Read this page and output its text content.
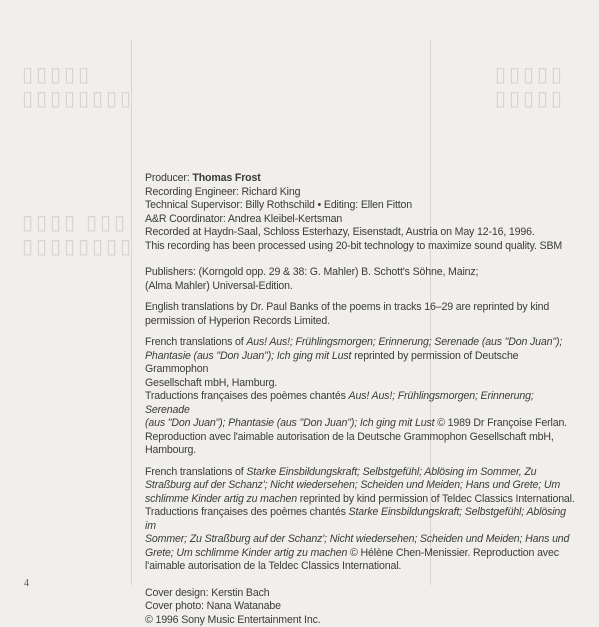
▯▯▯▯▯
▯▯▯▯▯▯▯▯
▯▯▯▯ ▯▯▯
▯▯▯▯▯▯▯▯
▯▯▯▯▯
▯▯▯▯▯

Producer: Thomas Frost

Recording Engineer: Richard King

Technical Supervisor: Billy Rothschild • Editing: Ellen Fitton

A&R Coordinator: Andrea Kleibel-Kertsman

Recorded at Haydn-Saal, Schloss Esterhazy, Eisenstadt, Austria on May 12-16, 1996.

This recording has been processed using 20-bit technology to maximize sound quality. SBM

Publishers: (Korngold opp. 29 & 38: G. Mahler) B. Schott's Söhne, Mainz;

(Alma Mahler) Universal-Edition.

English translations by Dr. Paul Banks of the poems in tracks 16–29 are reprinted by kind

permission of Hyperion Records Limited.

French translations of Aus! Aus!; Frühlingsmorgen; Erinnerung; Serenade (aus "Don Juan");

Phantasie (aus "Don Juan"); Ich ging mit Lust reprinted by permission of Deutsche Grammophon

Gesellschaft mbH, Hamburg.

Traductions françaises des poèmes chantés Aus! Aus!; Frühlingsmorgen; Erinnerung; Serenade

(aus "Don Juan"); Phantasie (aus "Don Juan"); Ich ging mit Lust © 1989 Dr Françoise Ferlan.

Reproduction avec l'aimable autorisation de la Deutsche Grammophon Gesellschaft mbH,

Hambourg.

French translations of Starke Einsbildungskraft; Selbstgefühl; Ablösing im Sommer, Zu

Straßburg auf der Schanz'; Nicht wiedersehen; Scheiden und Meiden; Hans und Grete; Um

schlimme Kinder artig zu machen reprinted by kind permission of Teldec Classics International.

Traductions françaises des poèmes chantés Starke Einsbildungskraft; Selbstgefühl; Ablösing im

Sommer; Zu Straßburg auf der Schanz'; Nicht wiedersehen; Scheiden und Meiden; Hans und

Grete; Um schlimme Kinder artig zu machen © Hélène Chen-Menissier. Reproduction avec

l'aimable autorisation de la Teldec Classics International.

Cover design: Kerstin Bach

Cover photo: Nana Watanabe

© 1996 Sony Music Entertainment Inc.

4
